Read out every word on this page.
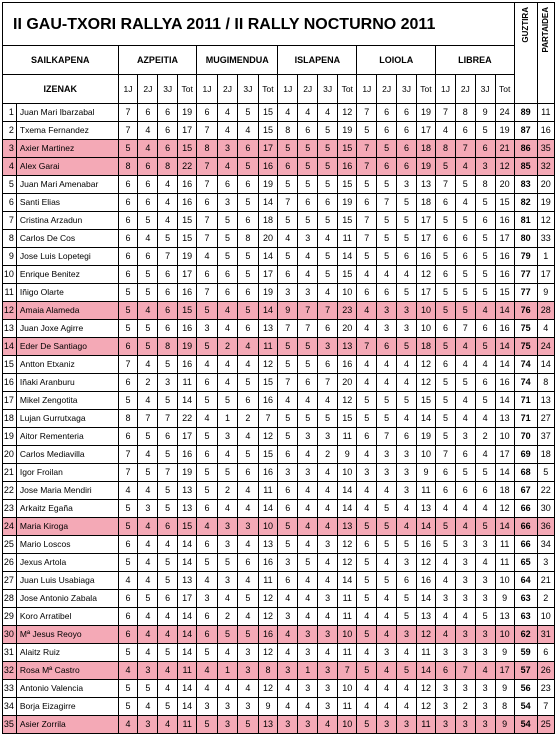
II GAU-TXORI RALLYA 2011 / II RALLY NOCTURNO 2011																						GUZTIRA	PARTAIDEA
SAILKAPENA		AZPEITIA				MUGIMENDUA				ISLAPENA				LOIOLA				LIBREA					

IZENAK		1J	2J	3J	Tot	1J	2J	3J	Tot	1J	2J	3J	Tot	1J	2J	3J	Tot	1J	2J	3J	Tot		
1	Juan Mari Ibarzabal	7	6	6	19	6	4	5	15	4	4	4	12	7	6	6	19	7	8	9	24	89	11
2	Txema Fernandez	7	4	6	17	7	4	4	15	8	6	5	19	5	6	6	17	4	6	5	19	87	16
3	Axier Martinez	5	4	6	15	8	3	6	17	5	5	5	15	7	5	6	18	8	7	6	21	86	35
4	Alex Garai	8	6	8	22	7	4	5	16	6	5	5	16	7	6	6	19	5	4	3	12	85	32
5	Juan Mari Amenabar	6	6	4	16	7	6	6	19	5	5	5	15	5	5	3	13	7	5	8	20	83	20
6	Santi Elias	6	6	4	16	6	3	5	14	7	6	6	19	6	7	5	18	6	4	5	15	82	19
7	Cristina Arzadun	6	5	4	15	7	5	6	18	5	5	5	15	7	5	5	17	5	5	6	16	81	12
8	Carlos De Cos	6	4	5	15	7	5	8	20	4	3	4	11	7	5	5	17	6	6	5	17	80	33
9	Jose Luis Lopetegi	6	6	7	19	4	5	5	14	5	4	5	14	5	5	6	16	5	6	5	16	79	1
10	Enrique Benitez	6	5	6	17	6	6	5	17	6	4	5	15	4	4	4	12	6	5	5	16	77	17
11	Iñigo Olarte	5	5	6	16	7	6	6	19	3	3	4	10	6	6	5	17	5	5	5	15	77	9
12	Amaia Alameda	5	4	6	15	5	4	5	14	9	7	7	23	4	3	3	10	5	5	4	14	76	28
13	Juan Joxe Agirre	5	5	6	16	3	4	6	13	7	7	6	20	4	3	3	10	6	7	6	16	75	4
14	Eder De Santiago	6	5	8	19	5	2	4	11	5	5	3	13	7	6	5	18	5	4	5	14	75	24
15	Antton Etxaniz	7	4	5	16	4	4	4	12	5	5	6	16	4	4	4	12	6	4	4	14	74	14
16	Iñaki Aranburu	6	2	3	11	6	4	5	15	7	6	7	20	4	4	4	12	5	5	6	16	74	8
17	Mikel Zengotita	5	4	5	14	5	5	6	16	4	4	4	12	5	5	5	15	5	4	5	14	71	13
18	Lujan Gurrutxaga	8	7	7	22	4	1	2	7	5	5	5	15	5	5	4	14	5	4	4	13	71	27
19	Aitor Rementeria	6	5	6	17	5	3	4	12	5	3	3	11	6	7	6	19	5	3	2	10	70	37
20	Carlos Mediavilla	7	4	5	16	6	4	5	15	6	4	2	9	4	3	3	10	7	6	4	17	69	18
21	Igor Froilan	7	5	7	19	5	5	6	16	3	3	4	10	3	3	3	9	6	5	5	14	68	5
22	Jose Maria Mendiri	4	4	5	13	5	2	4	11	6	4	4	14	4	4	3	11	6	6	6	18	67	22
23	Arkaitz Egaña	5	3	5	13	6	4	4	14	6	4	4	14	4	5	4	13	4	4	4	12	66	30
24	Maria Kiroga	5	4	6	15	4	3	3	10	5	4	4	13	5	5	4	14	5	4	5	14	66	36
25	Mario Loscos	6	4	4	14	6	3	4	13	5	4	3	12	6	5	5	16	5	3	3	11	66	34
26	Jexus Artola	5	4	5	14	5	5	6	16	3	5	4	12	5	4	3	12	4	3	4	11	65	3
27	Juan Luis Usabiaga	4	4	5	13	4	3	4	11	6	4	4	14	5	5	6	16	4	3	3	10	64	21
28	Jose Antonio Zabala	6	5	6	17	3	4	5	12	4	4	3	11	5	4	5	14	3	3	3	9	63	2
29	Koro Arratibel	6	4	4	14	6	2	4	12	3	4	4	11	4	4	5	13	4	4	5	13	63	10
30	Mª Jesus Reoyo	6	4	4	14	6	5	5	16	4	3	3	10	5	4	3	12	4	3	3	10	62	31
31	Alaitz Ruiz	5	4	5	14	5	4	3	12	4	3	4	11	4	3	4	11	3	3	3	9	59	6
32	Rosa Mª Castro	4	3	4	11	4	1	3	8	3	1	3	7	5	4	5	14	6	7	4	17	57	26
33	Antonio Valencia	5	5	4	14	4	4	4	12	4	3	3	10	4	4	4	12	3	3	3	9	56	23
34	Borja Eizagirre	5	4	5	14	3	3	3	9	4	4	3	11	4	4	4	12	3	2	3	8	54	7
35	Asier Zorrila	4	3	4	11	5	3	5	13	3	3	4	10	5	3	3	11	3	3	3	9	54	25
